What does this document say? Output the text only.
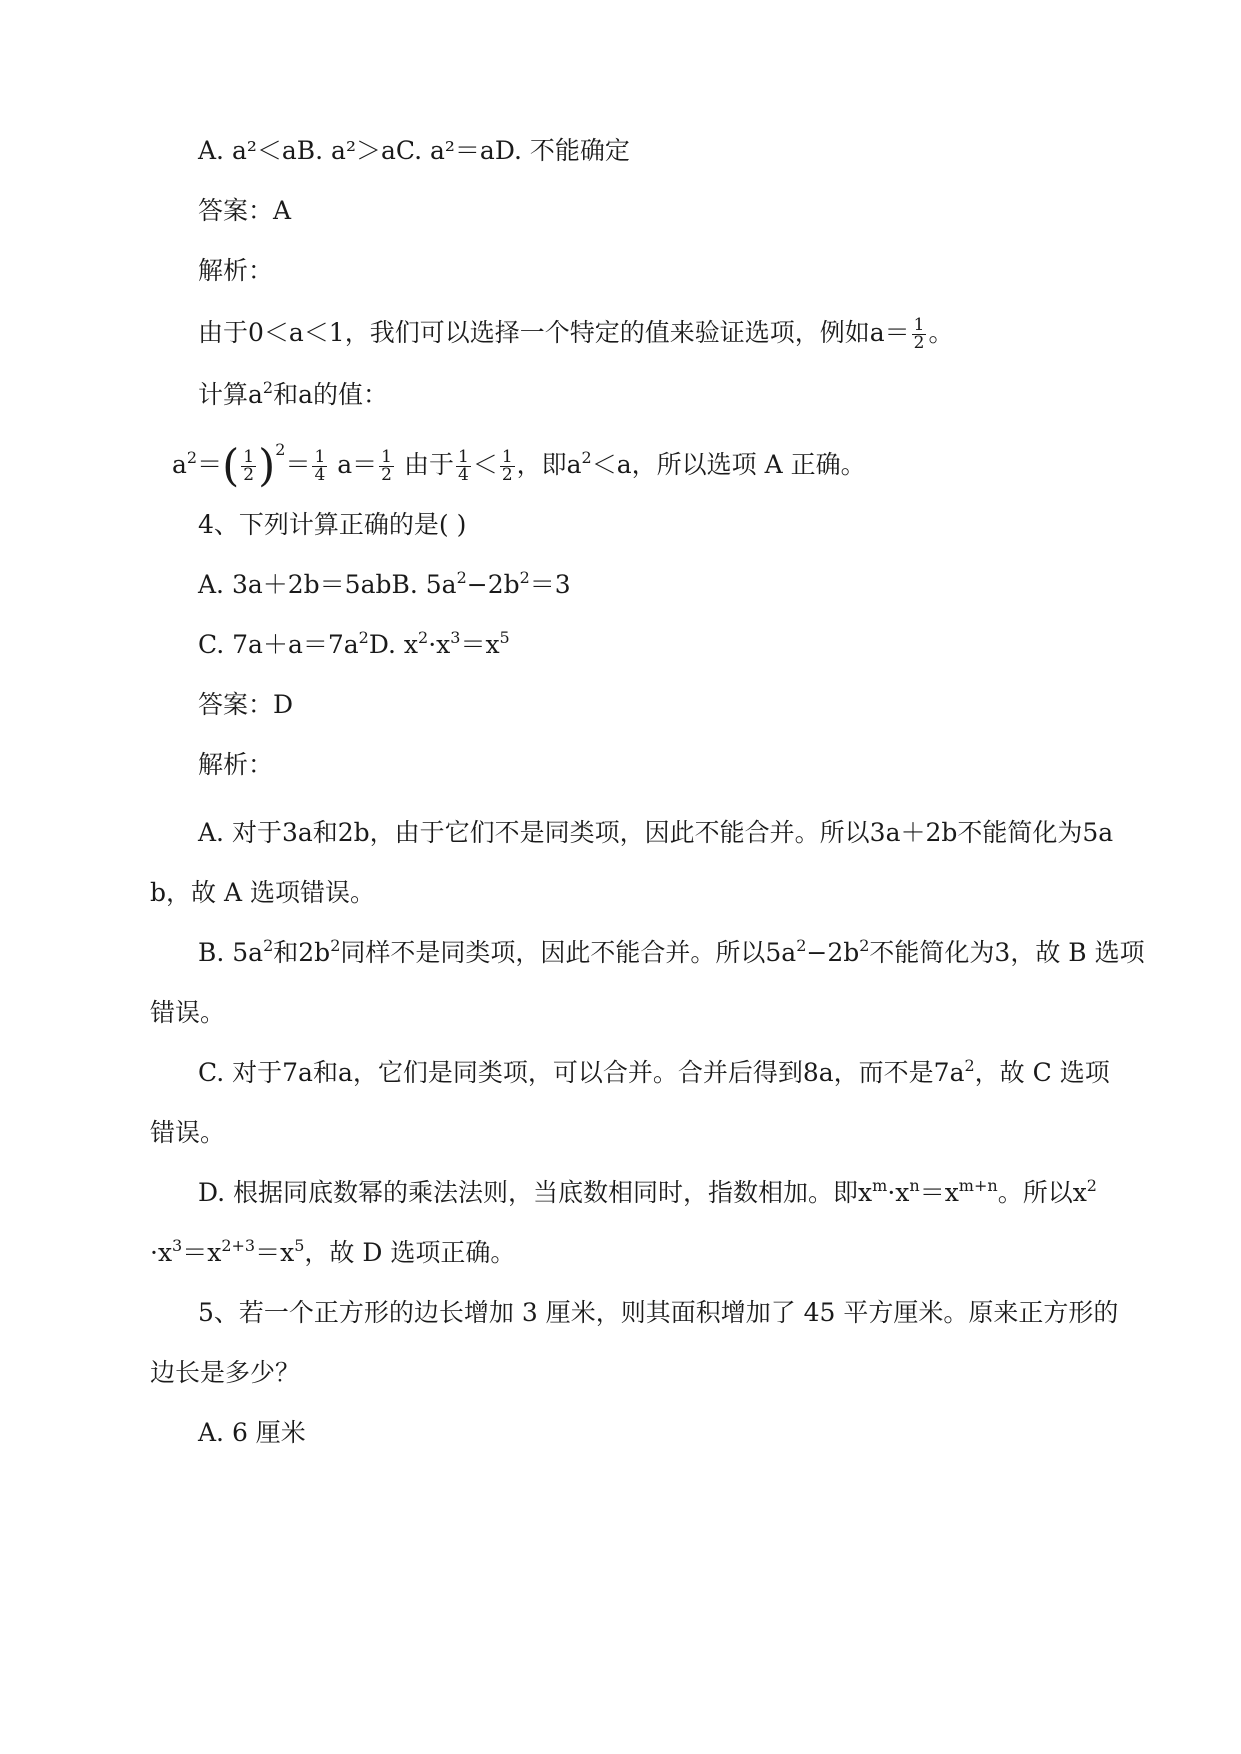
A. a²＜aB. a²＞aC. a²＝aD. 不能确定
答案：A
解析：
由于0＜a＜1，我们可以选择一个特定的值来验证选项，例如$a= \frac{1}{2}$ 。
计算$a^2$和a的值：
$a^2=( \frac{1}{2} )^2= \frac{1}{4} a= \frac{1}{2}$ 由于 $\frac{1}{4} < \frac{1}{2}$ ，即$a^2<a$，所以选项 A 正确。
4、下列计算正确的是( )
A. 3a＋2b＝5abB. $5a^2-2b^2=3$
C. $7a+a=7a^2D$. $x^2\cdot x^3=x^5$
答案：D
解析：
A. 对于3a和2b，由于它们不是同类项，因此不能合并。所以3a＋2b不能简化为5a
b，故 A 选项错误。
B. $5a^2$和$2b^2$同样不是同类项，因此不能合并。所以$5a^2-2b^2$不能简化为3，故 B 选项
错误。
C. 对于7a和a，它们是同类项，可以合并。合并后得到8a，而不是$7a^2$，故 C 选项
错误。
D. 根据同底数幂的乘法法则，当底数相同时，指数相加。即$x^m\cdot x^n=x^{m+n}$。所以$x^2$
$\cdot x^3=x^{2+3}=x^5$，故 D 选项正确。
5、若一个正方形的边长增加 3 厘米，则其面积增加了 45 平方厘米。原来正方形的
边长是多少？
A. 6 厘米
